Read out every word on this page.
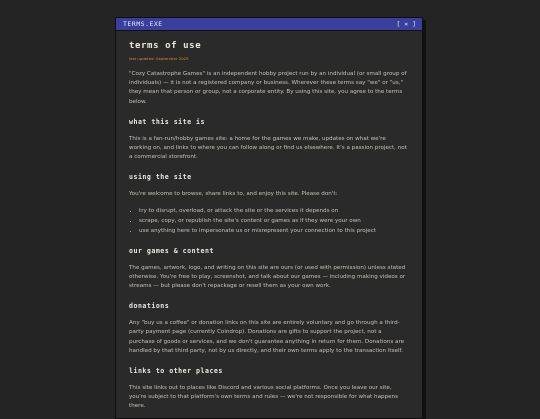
TERMS.EXE	[ × ]
terms of use
last updated: September 2025

"Cozy Catastrophe Games" is an independent hobby project run by an individual (or small group of individuals) — it is not a registered company or business. Wherever these terms say "we" or "us," they mean that person or group, not a corporate entity. By using this site, you agree to the terms below.

what this site is

This is a fan-run/hobby games site: a home for the games we make, updates on what we're working on, and links to where you can follow along or find us elsewhere. It's a passion project, not a commercial storefront.

using the site

You're welcome to browse, share links to, and enjoy this site. Please don't:

• try to disrupt, overload, or attack the site or the services it depends on
• scrape, copy, or republish the site's content or games as if they were your own
• use anything here to impersonate us or misrepresent your connection to this project
our games & content

The games, artwork, logo, and writing on this site are ours (or used with permission) unless stated otherwise. You're free to play, screenshot, and talk about our games — including making videos or streams — but please don't repackage or resell them as your own work.

donations

Any "buy us a coffee" or donation links on this site are entirely voluntary and go through a third-party payment page (currently Coindrop). Donations are gifts to support the project, not a purchase of goods or services, and we don't guarantee anything in return for them. Donations are handled by that third party, not by us directly, and their own terms apply to the transaction itself.

links to other places

This site links out to places like Discord and various social platforms. Once you leave our site, you're subject to that platform's own terms and rules — we're not responsible for what happens there.
